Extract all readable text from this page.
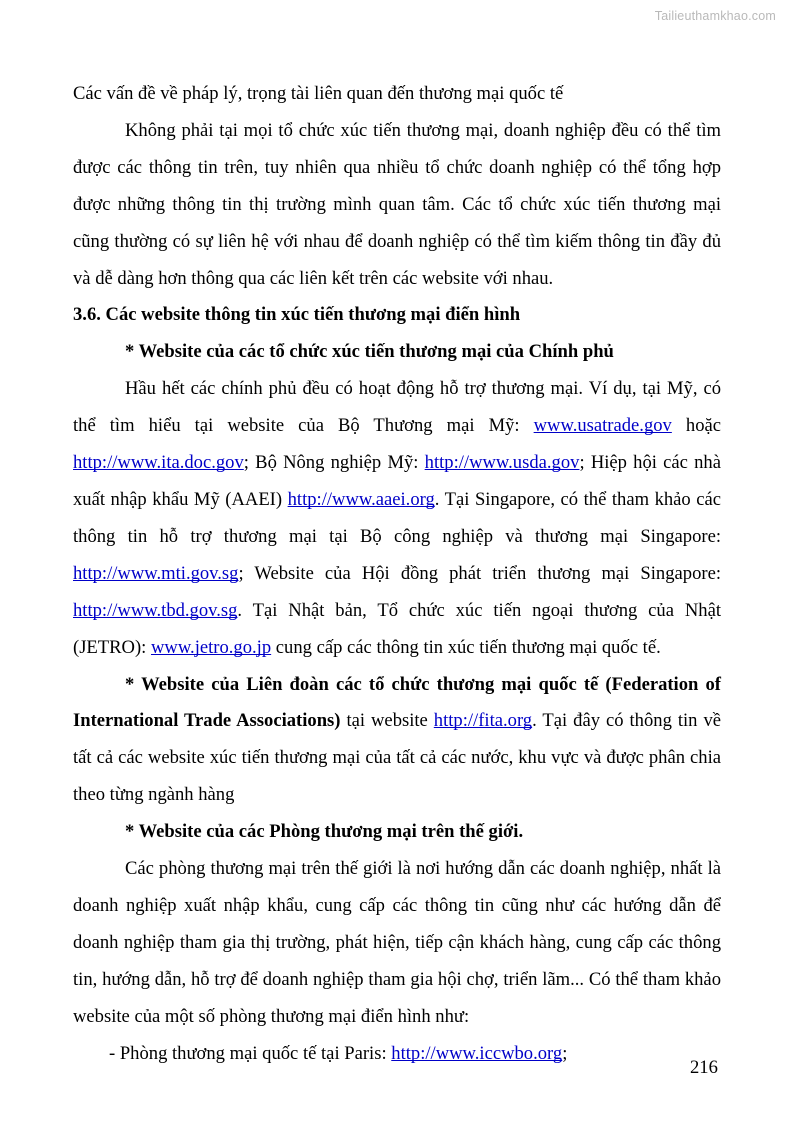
Tailieuthamkhao.com

Các vấn đề về pháp lý, trọng tài liên quan đến thương mại quốc tế

Không phải tại mọi tổ chức xúc tiến thương mại, doanh nghiệp đều có thể tìm được các thông tin trên, tuy nhiên qua nhiều tổ chức doanh nghiệp có thể tổng hợp được những thông tin thị trường mình quan tâm. Các tổ chức xúc tiến thương mại cũng thường có sự liên hệ với nhau để doanh nghiệp có thể tìm kiếm thông tin đầy đủ và dễ dàng hơn thông qua các liên kết trên các website với nhau.

3.6. Các website thông tin xúc tiến thương mại điển hình

* Website của các tổ chức xúc tiến thương mại của Chính phủ

Hầu hết các chính phủ đều có hoạt động hỗ trợ thương mại. Ví dụ, tại Mỹ, có thể tìm hiểu tại website của Bộ Thương mại Mỹ: www.usatrade.gov hoặc http://www.ita.doc.gov; Bộ Nông nghiệp Mỹ: http://www.usda.gov; Hiệp hội các nhà xuất nhập khẩu Mỹ (AAEI) http://www.aaei.org. Tại Singapore, có thể tham khảo các thông tin hỗ trợ thương mại tại Bộ công nghiệp và thương mại Singapore: http://www.mti.gov.sg; Website của Hội đồng phát triển thương mại Singapore: http://www.tbd.gov.sg. Tại Nhật bản, Tổ chức xúc tiến ngoại thương của Nhật (JETRO): www.jetro.go.jp cung cấp các thông tin xúc tiến thương mại quốc tế.

* Website của Liên đoàn các tổ chức thương mại quốc tế (Federation of International Trade Associations) tại website http://fita.org. Tại đây có thông tin về tất cả các website xúc tiến thương mại của tất cả các nước, khu vực và được phân chia theo từng ngành hàng

* Website của các Phòng thương mại trên thế giới.

Các phòng thương mại trên thế giới là nơi hướng dẫn các doanh nghiệp, nhất là doanh nghiệp xuất nhập khẩu, cung cấp các thông tin cũng như các hướng dẫn để doanh nghiệp tham gia thị trường, phát hiện, tiếp cận khách hàng, cung cấp các thông tin, hướng dẫn, hỗ trợ để doanh nghiệp tham gia hội chợ, triển lãm... Có thể tham khảo website của một số phòng thương mại điển hình như:

- Phòng thương mại quốc tế tại Paris: http://www.iccwbo.org;

216
